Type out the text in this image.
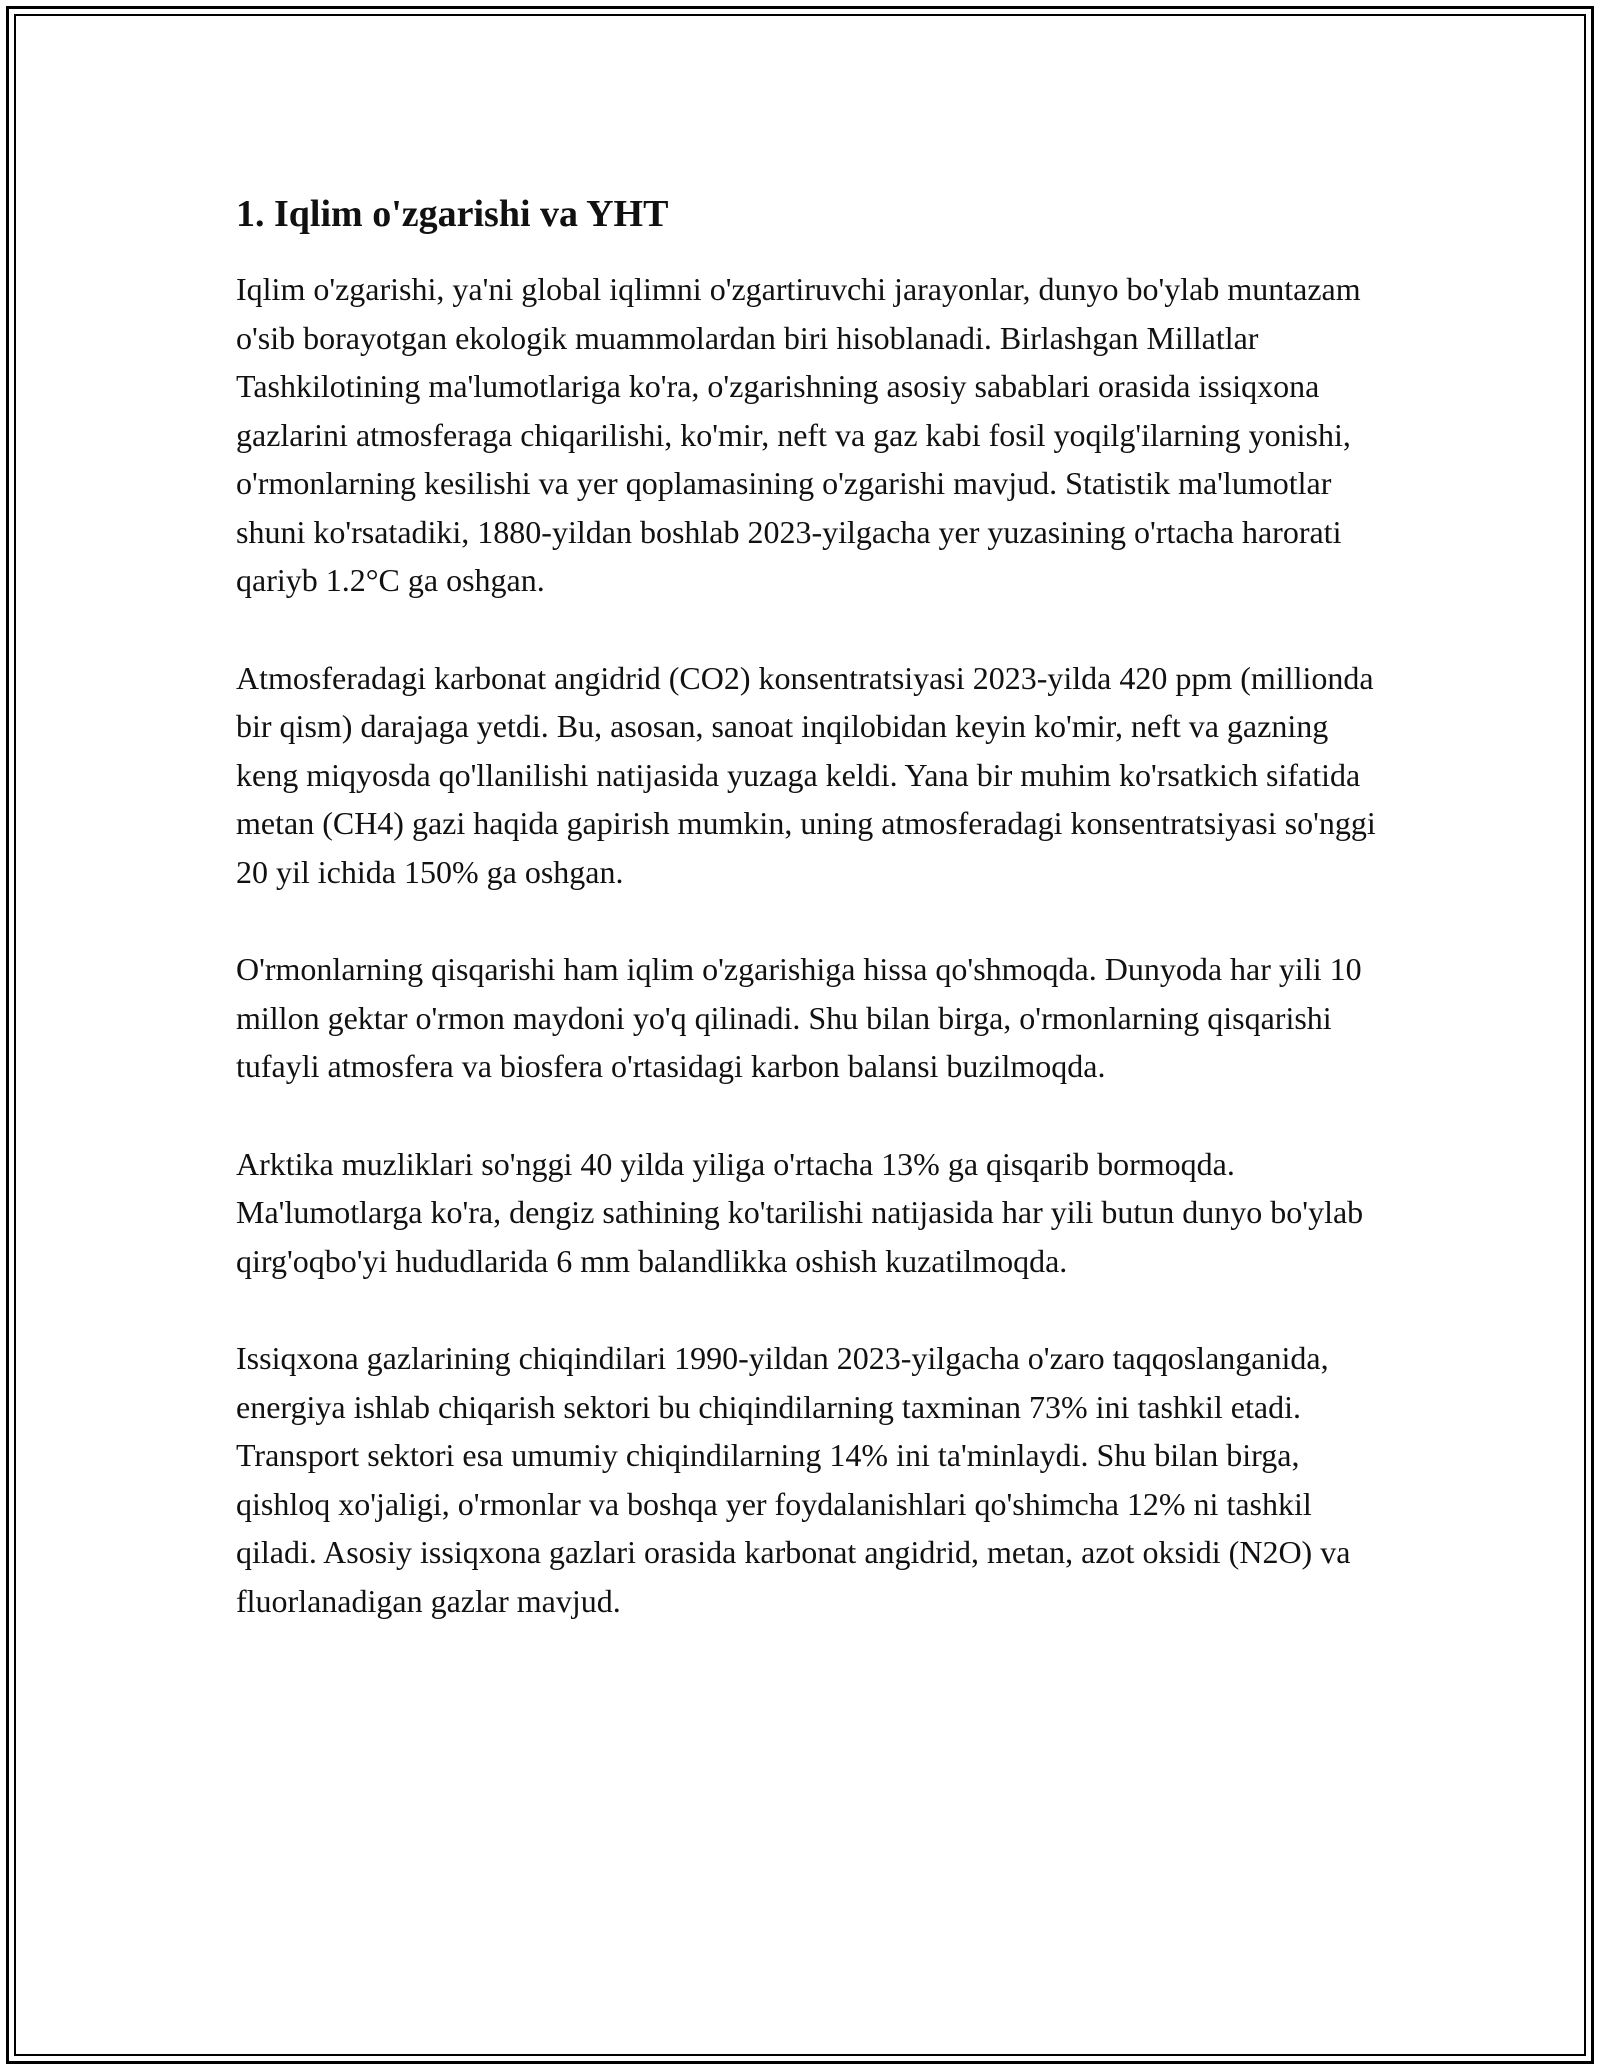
1. Iqlim o'zgarishi va YHT

Iqlim o'zgarishi, ya'ni global iqlimni o'zgartiruvchi jarayonlar, dunyo bo'ylab muntazam o'sib borayotgan ekologik muammolardan biri hisoblanadi. Birlashgan Millatlar Tashkilotining ma'lumotlariga ko'ra, o'zgarishning asosiy sabablari orasida issiqxona gazlarini atmosferaga chiqarilishi, ko'mir, neft va gaz kabi fosil yoqilg'ilarning yonishi, o'rmonlarning kesilishi va yer qoplamasining o'zgarishi mavjud. Statistik ma'lumotlar shuni ko'rsatadiki, 1880-yildan boshlab 2023-yilgacha yer yuzasining o'rtacha harorati qariyb 1.2°C ga oshgan.

Atmosferadagi karbonat angidrid (CO2) konsentratsiyasi 2023-yilda 420 ppm (millionda bir qism) darajaga yetdi. Bu, asosan, sanoat inqilobidan keyin ko'mir, neft va gazning keng miqyosda qo'llanilishi natijasida yuzaga keldi. Yana bir muhim ko'rsatkich sifatida metan (CH4) gazi haqida gapirish mumkin, uning atmosferadagi konsentratsiyasi so'nggi 20 yil ichida 150% ga oshgan.

O'rmonlarning qisqarishi ham iqlim o'zgarishiga hissa qo'shmoqda. Dunyoda har yili 10 millon gektar o'rmon maydoni yo'q qilinadi. Shu bilan birga, o'rmonlarning qisqarishi tufayli atmosfera va biosfera o'rtasidagi karbon balansi buzilmoqda.

Arktika muzliklari so'nggi 40 yilda yiliga o'rtacha 13% ga qisqarib bormoqda. Ma'lumotlarga ko'ra, dengiz sathining ko'tarilishi natijasida har yili butun dunyo bo'ylab qirg'oqbo'yi hududlarida 6 mm balandlikka oshish kuzatilmoqda.

Issiqxona gazlarining chiqindilari 1990-yildan 2023-yilgacha o'zaro taqqoslanganida, energiya ishlab chiqarish sektori bu chiqindilarning taxminan 73% ini tashkil etadi. Transport sektori esa umumiy chiqindilarning 14% ini ta'minlaydi. Shu bilan birga, qishloq xo'jaligi, o'rmonlar va boshqa yer foydalanishlari qo'shimcha 12% ni tashkil qiladi. Asosiy issiqxona gazlari orasida karbonat angidrid, metan, azot oksidi (N2O) va fluorlanadigan gazlar mavjud.
